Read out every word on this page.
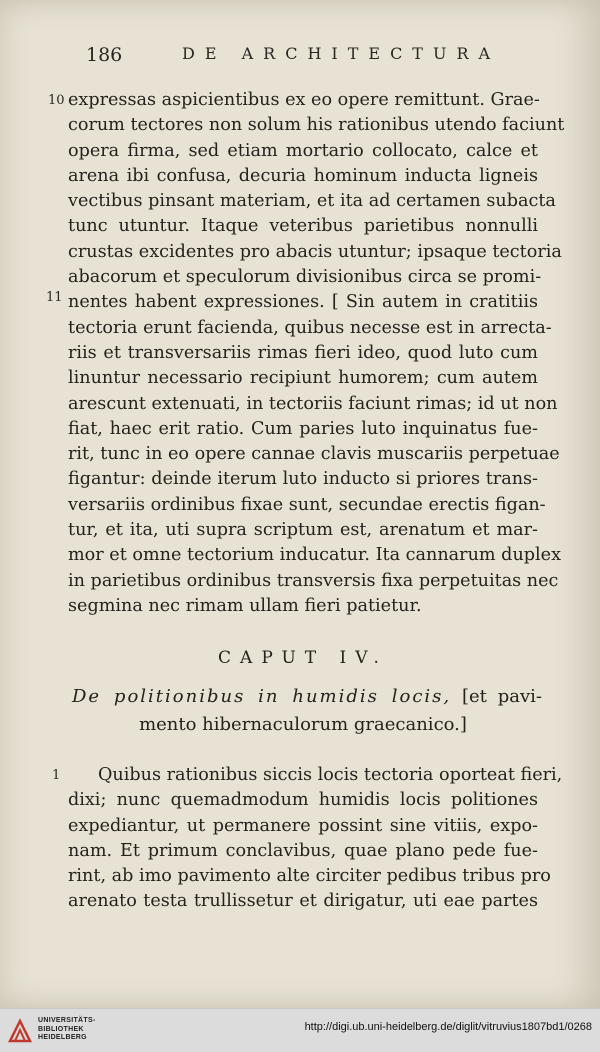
186	DE ARCHITECTURA
10
11
1
expressas aspicientibus ex eo opere remittunt. Grae-
corum tectores non solum his rationibus utendo faciunt
opera firma, sed etiam mortario collocato, calce et
arena ibi confusa, decuria hominum inducta ligneis
vectibus pinsant materiam, et ita ad certamen subacta
tunc utuntur. Itaque veteribus parietibus nonnulli
crustas excidentes pro abacis utuntur; ipsaque tectoria
abacorum et speculorum divisionibus circa se promi-
nentes habent expressiones. [ Sin autem in cratitiis
tectoria erunt facienda, quibus necesse est in arrecta-
riis et transversariis rimas fieri ideo, quod luto cum
linuntur necessario recipiunt humorem; cum autem
arescunt extenuati, in tectoriis faciunt rimas; id ut non
fiat, haec erit ratio. Cum paries luto inquinatus fue-
rit, tunc in eo opere cannae clavis muscariis perpetuae
figantur: deinde iterum luto inducto si priores trans-
versariis ordinibus fixae sunt, secundae erectis figan-
tur, et ita, uti supra scriptum est, arenatum et mar-
mor et omne tectorium inducatur. Ita cannarum duplex
in parietibus ordinibus transversis fixa perpetuitas nec
segmina nec rimam ullam fieri patietur.
CAPUT IV.
De politionibus in humidis locis, [et pavi-
mento hibernaculorum graecanico.]
Quibus rationibus siccis locis tectoria oporteat fieri,
dixi; nunc quemadmodum humidis locis politiones
expediantur, ut permanere possint sine vitiis, expo-
nam. Et primum conclavibus, quae plano pede fue-
rint, ab imo pavimento alte circiter pedibus tribus pro
arenato testa trullissetur et dirigatur, uti eae partes
UNIVERSITÄTS-
BIBLIOTHEK
HEIDELBERG
http://digi.ub.uni-heidelberg.de/diglit/vitruvius1807bd1/0268
